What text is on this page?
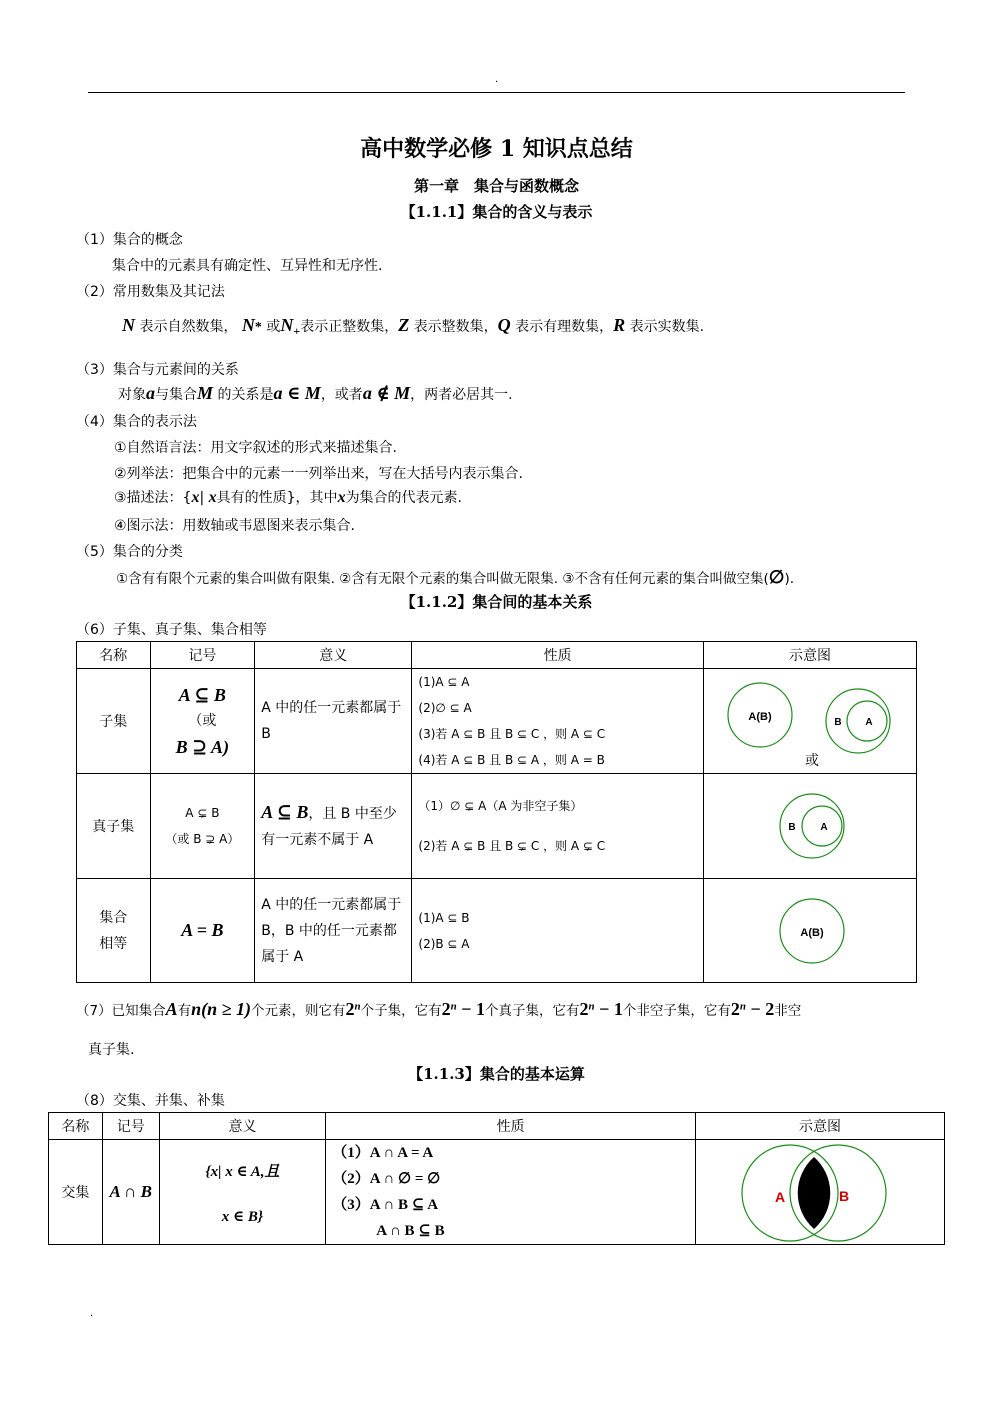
.
高中数学必修 1 知识点总结
第一章　集合与函数概念
【1.1.1】集合的含义与表示
（1）集合的概念
集合中的元素具有确定性、互异性和无序性.
（2）常用数集及其记法
N 表示自然数集， N* 或$N_+$表示正整数集，Z 表示整数集，Q 表示有理数集，R 表示实数集.
（3）集合与元素间的关系
对象a与集合M 的关系是a ∈ M，或者a ∉ M，两者必居其一.
（4）集合的表示法
①自然语言法：用文字叙述的形式来描述集合.
②列举法：把集合中的元素一一列举出来，写在大括号内表示集合.
③描述法：{x| x具有的性质}，其中x为集合的代表元素.
④图示法：用数轴或韦恩图来表示集合.
（5）集合的分类
①含有有限个元素的集合叫做有限集. ②含有无限个元素的集合叫做无限集. ③不含有任何元素的集合叫做空集(∅).
【1.1.2】集合间的基本关系
（6）子集、真子集、集合相等
名称	记号	意义	性质	示意图
子集	A ⊆ B
（或
B ⊇ A)	A 中的任一元素都属于 B	(1)A ⊆ A
(2)∅ ⊆ A
(3)若 A ⊆ B 且 B ⊆ C ，则 A ⊆ C
(4)若 A ⊆ B 且 B ⊆ A ，则 A = B	A(B) B A
或

真子集	A ⊊ B
（或 B ⊋ A）	A ⊆ B，且 B 中至少有一元素不属于 A	（1）∅ ⊊ A（A 为非空子集）
(2)若 A ⊊ B 且 B ⊊ C ，则 A ⊊ C	B A

集合
相等	A = B	A 中的任一元素都属于 B，B 中的任一元素都属于 A	(1)A ⊆ B
(2)B ⊆ A	A(B)
（7）已知集合A有n(n ≥ 1)个元素，则它有2$^n$个子集，它有$2^n - 1$个真子集，它有$2^n - 1$个非空子集，它有$2^n - 2$非空
真子集.
【1.1.3】集合的基本运算
（8）交集、并集、补集
名称	记号	意义	性质	示意图
交集	A ∩ B	{x| x ∈ A,且
x ∈ B}	（1）A ∩ A = A
（2）A ∩ ∅ = ∅
（3）A ∩ B ⊆ A
A ∩ B ⊆ B	A B
.
